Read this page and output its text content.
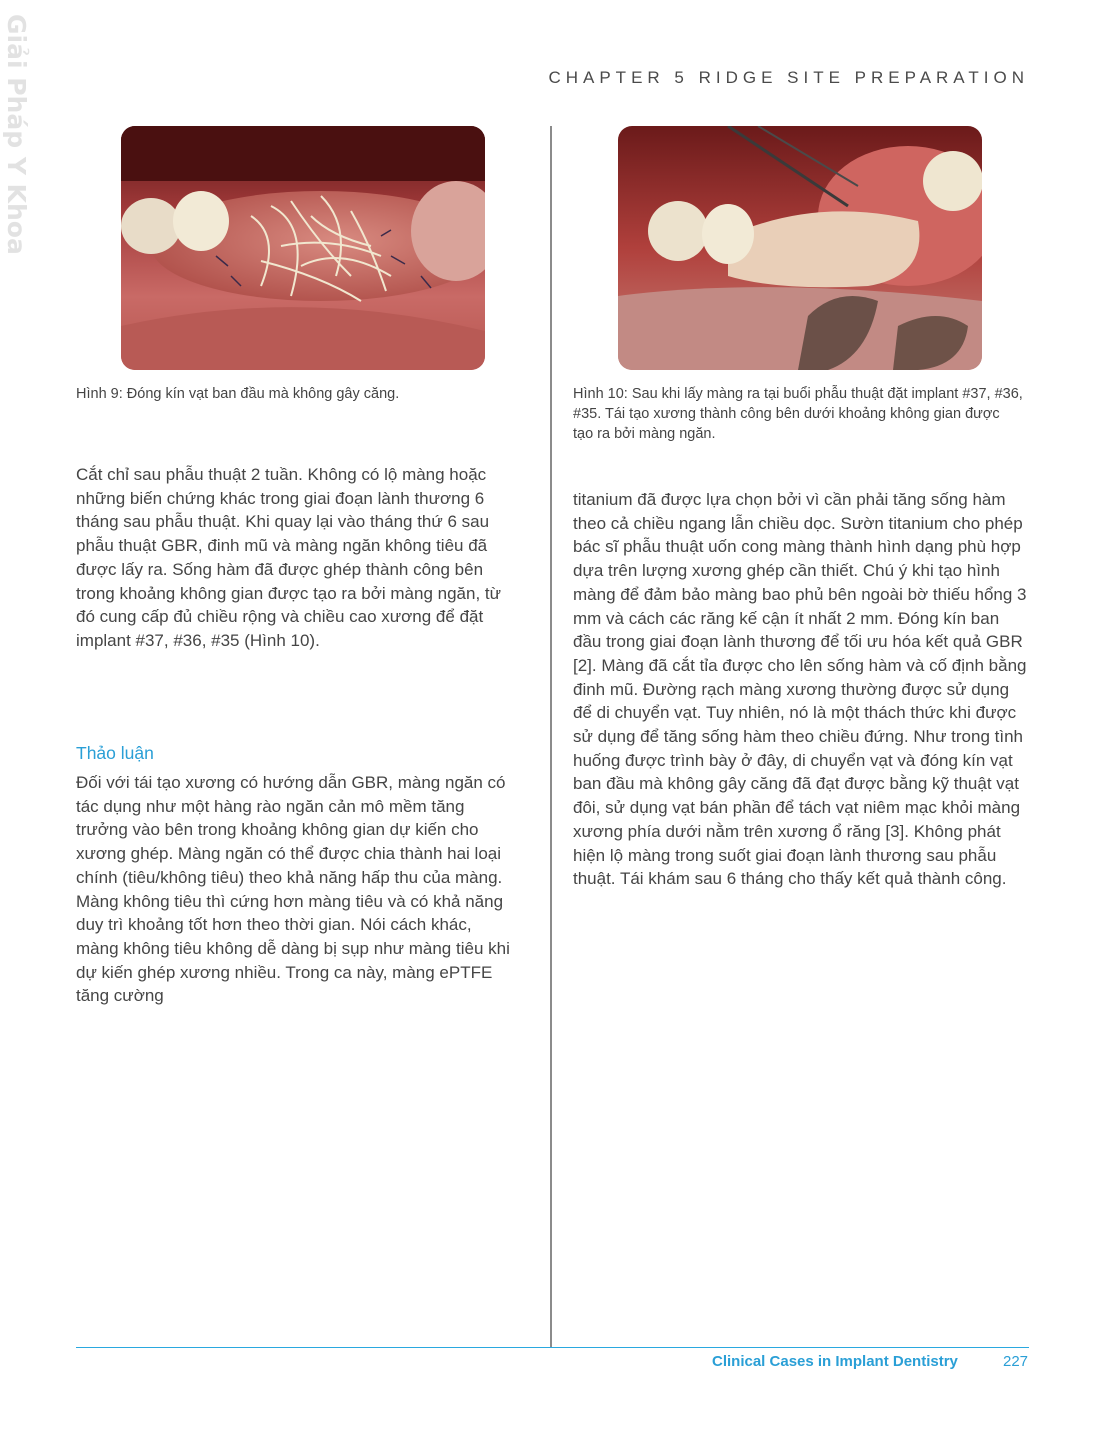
Giải Pháp Y Khoa	CHAPTER 5 RIDGE SITE PREPARATION
Hình 9: Đóng kín vạt ban đầu mà không gây căng.	Hình 10: Sau khi lấy màng ra tại buổi phẫu thuật đặt implant #37, #36, #35. Tái tạo xương thành công bên dưới khoảng không gian được tạo ra bởi màng ngăn.
Cắt chỉ sau phẫu thuật 2 tuần. Không có lộ màng hoặc những biến chứng khác trong giai đoạn lành thương 6 tháng sau phẫu thuật. Khi quay lại vào tháng thứ 6 sau phẫu thuật GBR, đinh mũ và màng ngăn không tiêu đã được lấy ra. Sống hàm đã được ghép thành công bên trong khoảng không gian được tạo ra bởi màng ngăn, từ đó cung cấp đủ chiều rộng và chiều cao xương để đặt implant #37, #36, #35 (Hình 10).
Thảo luận
Đối với tái tạo xương có hướng dẫn GBR, màng ngăn có tác dụng như một hàng rào ngăn cản mô mềm tăng trưởng vào bên trong khoảng không gian dự kiến cho xương ghép. Màng ngăn có thể được chia thành hai loại chính (tiêu/không tiêu) theo khả năng hấp thu của màng. Màng không tiêu thì cứng hơn màng tiêu và có khả năng duy trì khoảng tốt hơn theo thời gian. Nói cách khác, màng không tiêu không dễ dàng bị sụp như màng tiêu khi dự kiến ghép xương nhiều. Trong ca này, màng ePTFE tăng cường
titanium đã được lựa chọn bởi vì cần phải tăng sống hàm theo cả chiều ngang lẫn chiều dọc. Sườn titanium cho phép bác sĩ phẫu thuật uốn cong màng thành hình dạng phù hợp dựa trên lượng xương ghép cần thiết. Chú ý khi tạo hình màng để đảm bảo màng bao phủ bên ngoài bờ thiếu hổng 3 mm và cách các răng kế cận ít nhất 2 mm. Đóng kín ban đầu trong giai đoạn lành thương để tối ưu hóa kết quả GBR [2]. Màng đã cắt tỉa được cho lên sống hàm và cố định bằng đinh mũ. Đường rạch màng xương thường được sử dụng để di chuyển vạt. Tuy nhiên, nó là một thách thức khi được sử dụng để tăng sống hàm theo chiều đứng. Như trong tình huống được trình bày ở đây, di chuyển vạt và đóng kín vạt ban đầu mà không gây căng đã đạt được bằng kỹ thuật vạt đôi, sử dụng vạt bán phần để tách vạt niêm mạc khỏi màng xương phía dưới nằm trên xương ổ răng [3]. Không phát hiện lộ màng trong suốt giai đoạn lành thương sau phẫu thuật. Tái khám sau 6 tháng cho thấy kết quả thành công.
Clinical Cases in Implant Dentistry	227
